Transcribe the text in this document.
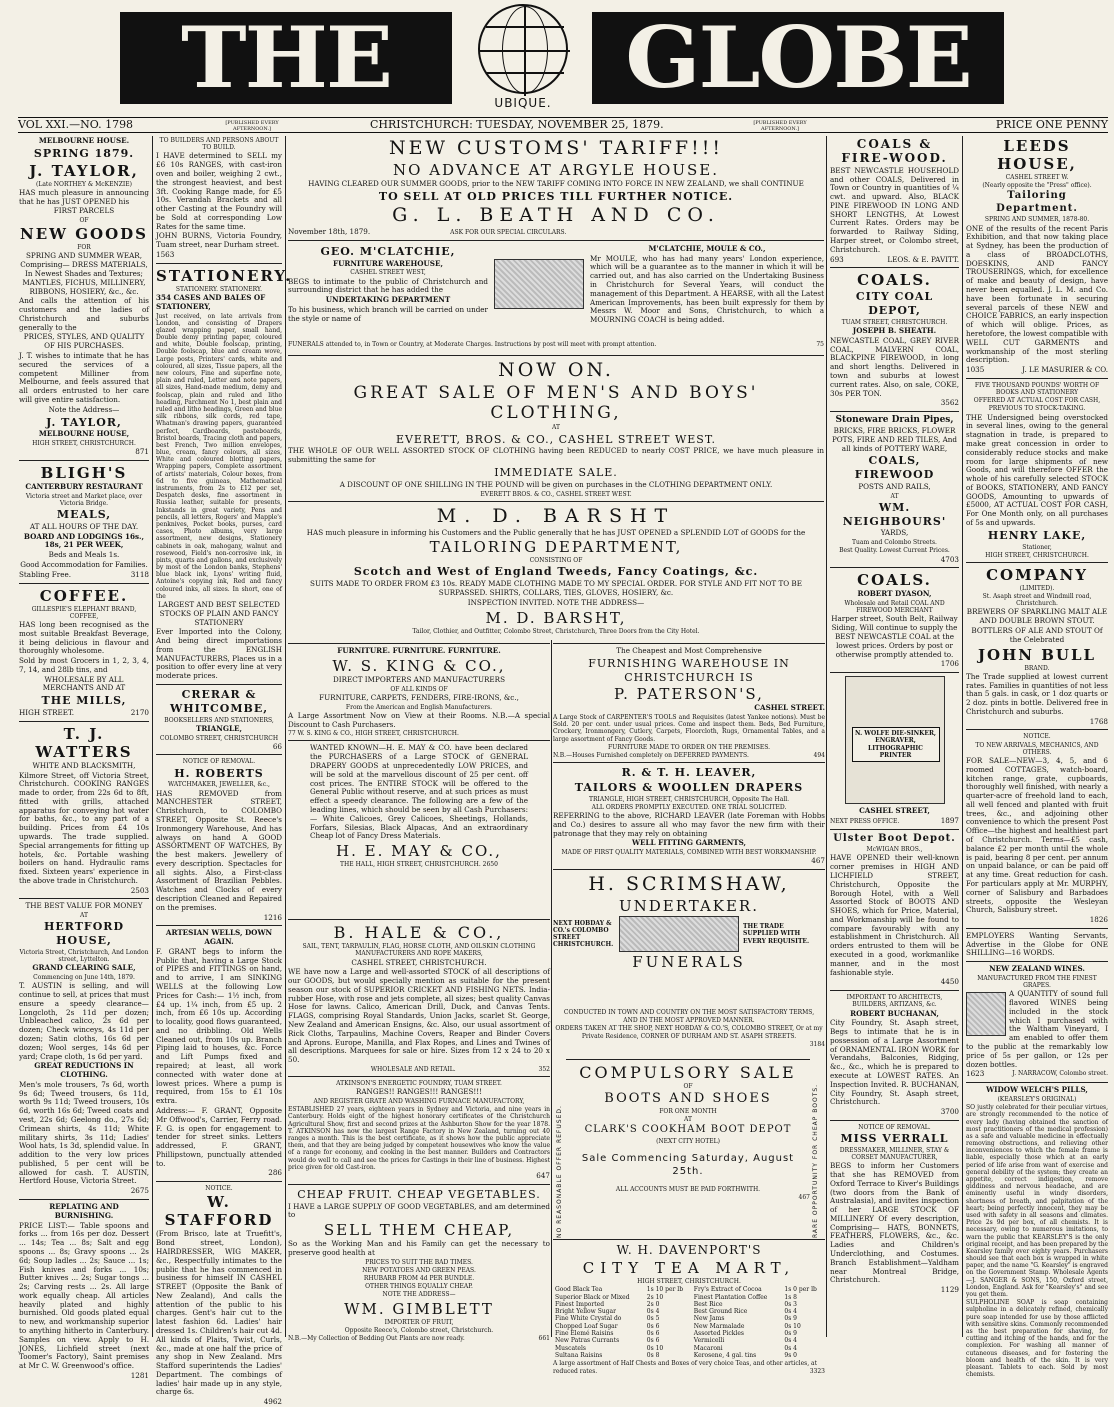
THE	UBIQUE. GLOBE
VOL XXI.—NO. 1798	[PUBLISHED EVERY AFTERNOON.]	CHRISTCHURCH: TUESDAY, NOVEMBER 25, 1879.	[PUBLISHED EVERY AFTERNOON.]	PRICE ONE PENNY

MELBOURNE HOUSE.

SPRING 1879.

J. TAYLOR,

(Late NORTHEY & McKENZIE)

HAS much pleasure in announcing that he has JUST OPENED his

FIRST PARCELS

OF

NEW GOODS

FOR

SPRING AND SUMMER WEAR, Comprising— DRESS MATERIALS, In Newest Shades and Textures; MANTLES, FICHUS, MILLINERY, RIBBONS, HOSIERY, &c., &c.

And calls the attention of his customers and the ladies of Christchurch and suburbs generally to the

PRICES, STYLES, AND QUALITY OF HIS PURCHASES.

J. T. wishes to intimate that he has secured the services of a competent Milliner from Melbourne, and feels assured that all orders entrusted to her care will give entire satisfaction.

Note the Address—

J. TAYLOR,

MELBOURNE HOUSE,

HIGH STREET, CHRISTCHURCH.

871

BLIGH'S

CANTERBURY RESTAURANT

Victoria street and Market place, over Victoria Bridge.

MEALS,

AT ALL HOURS OF THE DAY.

BOARD AND LODGINGS 16s., 18s, 21 PER WEEK,

Beds and Meals 1s.

Good Accommodation for Families.

Stabling Free.	3118

COFFEE.

GILLESPIE'S ELEPHANT BRAND, COFFEE,

HAS long been recognised as the most suitable Breakfast Beverage, it being delicious in flavour and thoroughly wholesome.

Sold by most Grocers in 1, 2, 3, 4, 7, 14, and 28lb tins, and

WHOLESALE BY ALL MERCHANTS AND AT

THE MILLS,

HIGH STREET.	2170

T. J. WATTERS

WHITE AND BLACKSMITH,

Kilmore Street, off Victoria Street, Christchurch. COOKING RANGES made to order, from 22s 6d to 8ft, fitted with grills, attached apparatus for conveying hot water for baths, &c., to any part of a building. Prices from £4 10s upwards. The trade supplied. Special arrangements for fitting up hotels, &c. Portable washing boilers on hand. Hydraulic rams fixed. Sixteen years' experience in the above trade in Christchurch.

2503

THE BEST VALUE FOR MONEY

AT

HERTFORD HOUSE,

Victoria Street, Christchurch, And London street, Lyttelton.

GRAND CLEARING SALE,

Commencing on June 14th, 1879.

T. AUSTIN is selling, and will continue to sell, at prices that must ensure a speedy clearance— Longcloth, 2s 11d per dozen; Unbleached calico, 2s 6d per dozen; Check winceys, 4s 11d per dozen; Satin cloths, 16s 6d per dozen; Wool serges, 14s 6d per yard; Crape cloth, 1s 6d per yard.

GREAT REDUCTIONS IN CLOTHING.

Men's mole trousers, 7s 6d, worth 9s 6d; Tweed trousers, 6s 11d, worth 9s 11d; Tweed trousers, 10s 6d, worth 16s 6d; Tweed coats and vest, 22s 6d; Geelong do., 27s 6d; Crimean shirts, 4s 11d; White military shirts, 3s 11d; Ladies' Wool hats, 1s 3d, splendid value. In addition to the very low prices published, 5 per cent will be allowed for cash. T. AUSTIN, Hertford House, Victoria Street.

2675

REPLATING AND BURNISHING.

PRICE LIST:— Table spoons and forks ... from 16s per doz. Dessert ... 14s; Tea ... 8s; Salt and egg spoons ... 8s; Gravy spoons ... 2s 6d; Soup ladles ... 2s; Sauce ... 1s; Fish knives and forks ... 10s; Butter knives ... 2s; Sugar tongs ... 2s; Carving rests ... 2s. All large work equally cheap. All articles heavily plated and highly burnished. Old goods plated equal to new, and workmanship superior to anything hitherto in Canterbury. Samples on view. Apply to H. JONES, Lichfield street (next Toomer's Factory), Saint premises at Mr C. W. Greenwood's office.

1281

TO BUILDERS AND PERSONS ABOUT TO BUILD.

I HAVE determined to SELL my £6 10s RANGES, with cast-iron oven and boiler, weighing 2 cwt., the strongest heaviest, and best 3ft. Cooking Range made, for £5 10s. Verandah Brackets and all other Casting at the Foundry will be Sold at corresponding Low Rates for the same time.

JOHN BURNS, Victoria Foundry, Tuam street, near Durham street.

1563

STATIONERY.

STATIONERY. STATIONERY.

354 CASES AND BALES OF STATIONERY,

Just received, on late arrivals from London, and consisting of Drapers glazed wrapping paper, small hand, Double demy printing paper, coloured and white, Double foolscap, printing, Double foolscap, blue and cream wove, Large posts, Printers' cards, white and coloured, all sizes, Tissue papers, all the new colours, Fine and superfine note, plain and ruled, Letter and note papers, all sizes, Hand-made medium, demy and foolscap, plain and ruled and litho heading, Parchment No 1, best plain and ruled and litho headings, Green and blue silk ribbons, silk cords, red tape, Whatman's drawing papers, guaranteed perfect, Cardboards, pasteboards, Bristol boards, Tracing cloth and papers, best French, Two million envelopes, blue, cream, fancy colours, all sizes, White and coloured blotting papers, Wrapping papers, Complete assortment of artists' materials, Colour boxes, from 6d to five guineas, Mathematical instruments, from 2s to £12 per set, Despatch desks, fine assortment in Russia leather, suitable for presents, Inkstands in great variety, Pens and pencils, all letters, Rogers' and Mapple's penknives, Pocket books, purses, card cases, Photo albums, very large assortment, new designs, Stationery cabinets in oak, mahogany, walnut and rosewood, Field's non-corrosive ink, in pints, quarts and gallons, and exclusively by most of the London banks, Stephens' blue black ink, Lyons' writing fluid, Antoine's copying ink, Red and fancy coloured inks, all sizes. In short, one of the

LARGEST AND BEST SELECTED STOCKS OF PLAIN AND FANCY STATIONERY

Ever Imported into the Colony, And being direct importations from the ENGLISH MANUFACTURERS, Places us in a position to offer every line at very moderate prices.

CRERAR & WHITCOMBE,

BOOKSELLERS AND STATIONERS,

TRIANGLE,

COLOMBO STREET, CHRISTCHURCH

66

NOTICE OF REMOVAL.

H. ROBERTS

WATCHMAKER, JEWELLER, &c.,

HAS REMOVED from MANCHESTER STREET, Christchurch, to COLOMBO STREET, Opposite St. Reece's Ironmongery Warehouse, And has always on hand A GOOD ASSORTMENT OF WATCHES, By the best makers. Jewellery of every description. Spectacles for all sights. Also, a First-class Assortment of Brazilian Pebbles. Watches and Clocks of every description Cleaned and Repaired on the premises.

1216

ARTESIAN WELLS, DOWN AGAIN.

F. GRANT begs to inform the Public that, having a Large Stock of PIPES and FITTINGS on hand, and to arrive, I am SINKING WELLS at the following Low Prices for Cash:— 1½ inch, from £4 up. 1¼ inch, from £5 up. 2 inch, from £6 10s up. According to locality, good flows guaranteed, and no dribbling. Old Wells Cleaned out, from 10s up. Branch Piping laid to houses, &c. Force and Lift Pumps fixed and repaired; at least, all work connected with water done at lowest prices. Where a pump is required, from 15s to £1 10s extra.

Address:— F. GRANT, Opposite Mr Offwood's, Carrier, Ferry road. F. G. is open for engagement to tender for street sinks. Letters addressed, F. GRANT, Phillipstown, punctually attended to.

286

NOTICE.

W. STAFFORD

(From Brisco, late at Truefitt's, Bond street, London), HAIRDRESSER, WIG MAKER, &c., Respectfully intimates to the public that he has commenced in business for himself IN CASHEL STREET (Opposite the Bank of New Zealand), And calls the attention of the public to his charges. Gent's hair cut to the latest fashion 6d. Ladies' hair dressed 1s. Children's hair cut 4d. All kinds of Plaits, Twist, Curls, &c., made at one half the price of any shop in New Zealand. Mrs Stafford superintends the Ladies' Department. The combings of ladies' hair made up in any style, charge 6s.

4962

NEW CUSTOMS' TARIFF!!!

NO ADVANCE AT ARGYLE HOUSE.

HAVING CLEARED OUR SUMMER GOODS, prior to the NEW TARIFF COMING INTO FORCE IN NEW ZEALAND, we shall CONTINUE

TO SELL AT OLD PRICES TILL FURTHER NOTICE.

G. L. BEATH AND CO.

November 18th, 1879.	ASK FOR OUR SPECIAL CIRCULARS.

GEO. M'CLATCHIE,

FURNITURE WAREHOUSE,

CASHEL STREET WEST,

BEGS to intimate to the public of Christchurch and surrounding district that he has added the

UNDERTAKING DEPARTMENT

To his business, which branch will be carried on under the style or name of

M'CLATCHIE, MOULE & CO.,

Mr MOULE, who has had many years' London experience, which will be a guarantee as to the manner in which it will be carried out, and has also carried on the Undertaking Business in Christchurch for Several Years, will conduct the management of this Department. A HEARSE, with all the Latest American Improvements, has been built expressly for them by Messrs W. Moor and Sons, Christchurch, to which a MOURNING COACH is being added.

FUNERALS attended to, in Town or Country, at Moderate Charges. Instructions by post will meet with prompt attention.	75

NOW ON.

GREAT SALE OF MEN'S AND BOYS' CLOTHING,

AT

EVERETT, BROS. & CO., CASHEL STREET WEST.

THE WHOLE OF OUR WELL ASSORTED STOCK OF CLOTHING having been REDUCED to nearly COST PRICE, we have much pleasure in submitting the same for

IMMEDIATE SALE.

A DISCOUNT OF ONE SHILLING IN THE POUND will be given on purchases in the CLOTHING DEPARTMENT ONLY.

EVERETT BROS. & CO., CASHEL STREET WEST.

M. D. BARSHT

HAS much pleasure in informing his Customers and the Public generally that he has JUST OPENED a SPLENDID LOT of GOODS for the

TAILORING DEPARTMENT,

CONSISTING OF

Scotch and West of England Tweeds, Fancy Coatings, &c.

SUITS MADE TO ORDER FROM £3 10s. READY MADE CLOTHING MADE TO MY SPECIAL ORDER. FOR STYLE AND FIT NOT TO BE SURPASSED. SHIRTS, COLLARS, TIES, GLOVES, HOSIERY, &c.

INSPECTION INVITED. NOTE THE ADDRESS—

M. D. BARSHT,

Tailor, Clothier, and Outfitter, Colombo Street, Christchurch, Three Doors from the City Hotel.

FURNITURE. FURNITURE. FURNITURE.

W. S. KING & CO.,

DIRECT IMPORTERS AND MANUFACTURERS

OF ALL KINDS OF

FURNITURE, CARPETS, FENDERS, FIRE-IRONS, &c.,

From the American and English Manufacturers.

A Large Assortment Now on View at their Rooms. N.B.—A special Discount to Cash Purchasers.

77 W. S. KING & CO., HIGH STREET, CHRISTCHURCH.

WANTED KNOWN—H. E. MAY & CO. have been declared the PURCHASERS of a Large STOCK of GENERAL DRAPERY GOODS at unprecedentedly LOW PRICES, and will be sold at the marvellous discount of 25 per cent. off cost prices. The ENTIRE STOCK will be offered to the General Public without reserve, and at such prices as must effect a speedy clearance. The following are a few of the leading lines, which should be seen by all Cash Purchasers:— White Calicoes, Grey Calicoes, Sheetings, Hollands, Forfars, Silesias, Black Alpacas, And an extraordinary Cheap lot of Fancy Dress Materials.

H. E. MAY & CO.,

THE HALL, HIGH STREET, CHRISTCHURCH. 2650

The Cheapest and Most Comprehensive

FURNISHING WAREHOUSE IN CHRISTCHURCH IS

P. PATERSON'S,

CASHEL STREET.

A Large Stock of CARPENTER'S TOOLS and Requisites (latest Yankee notions). Must be Sold. 20 per cent. under usual prices. Come and inspect them. Beds, Bed Furniture, Crockery, Ironmongery, Cutlery, Carpets, Floorcloth, Rugs, Ornamental Tables, and a large assortment of Fancy Goods.

FURNITURE MADE TO ORDER ON THE PREMISES.

N.B.—Houses Furnished completely on DEFERRED PAYMENTS.	494

R. & T. H. LEAVER,

TAILORS & WOOLLEN DRAPERS

TRIANGLE, HIGH STREET, CHRISTCHURCH, Opposite The Hall.

ALL ORDERS PROMPTLY EXECUTED. ONE TRIAL SOLICITED.

REFERRING to the above, RICHARD LEAVER (late Foreman with Hobbs and Co.) desires to assure all who may favor the new firm with their patronage that they may rely on obtaining

WELL FITTING GARMENTS,

MADE OF FIRST QUALITY MATERIALS, COMBINED WITH BEST WORKMANSHIP.

467

H. SCRIMSHAW,

UNDERTAKER.

NEXT HOBDAY & CO.'s COLOMBO STREET CHRISTCHURCH.

THE TRADE SUPPLIED WITH EVERY REQUISITE.

FUNERALS

B. HALE & CO.,

SAIL, TENT, TARPAULIN, FLAG, HORSE CLOTH, AND OILSKIN CLOTHING MANUFACTURERS AND ROPE MAKERS,

CASHEL STREET, CHRISTCHURCH.

WE have now a Large and well-assorted STOCK of all descriptions of our GOODS, but would specially mention as suitable for the present season our stock of SUPERIOR CRICKET AND FISHING NETS. India-rubber Hose, with rose and jets complete, all sizes; best quality Canvas Hose for lawns. Calico, American Drill, Duck, and Canvas Tents. FLAGS, comprising Royal Standards, Union Jacks, scarlet St. George, New Zealand and American Ensigns, &c. Also, our usual assortment of Rick Cloths, Tarpaulins, Machine Covers, Reaper and Binder Covers and Aprons. Europe, Manilla, and Flax Ropes, and Lines and Twines of all descriptions. Marquees for sale or hire. Sizes from 12 x 24 to 20 x 50.

WHOLESALE AND RETAIL.	352

ATKINSON'S ENERGETIC FOUNDRY, TUAM STREET.

RANGES!! RANGES!!! RANGES!!!

AND REGISTER GRATE AND WASHING FURNACE MANUFACTORY,

ESTABLISHED 27 years, eighteen years in Sydney and Victoria, and nine years in Canterbury. Holds eight of the highest honorary certificates of the Christchurch Agricultural Show, first and second prizes at the Ashburton Show for the year 1878. T. ATKINSON has now the largest Range Factory in New Zealand, turning out 40 ranges a month. This is the best certificate, as it shows how the public appreciate them, and that they are being judged by competent housewives who know the value of a range for economy, and cooking in the best manner. Builders and Contractors would do well to call and see the prices for Castings in their line of business. Highest price given for old Cast-iron.

647

CHEAP FRUIT. CHEAP VEGETABLES.

I HAVE a LARGE SUPPLY OF GOOD VEGETABLES, and am determined to

SELL THEM CHEAP,

So as the Working Man and his Family can get the necessary to preserve good health at

PRICES TO SUIT THE BAD TIMES.

NEW POTATOES AND GREEN PEAS.

RHUBARB FROM 4d PER BUNDLE.

OTHER THINGS EQUALLY CHEAP.

NOTE THE ADDRESS—

WM. GIMBLETT

IMPORTER OF FRUIT,

Opposite Reece's, Colombo street, Christchurch.

N.B.—My Collection of Bedding Out Plants are now ready.	661

CONDUCTED IN TOWN AND COUNTRY ON THE MOST SATISFACTORY TERMS,

AND IN THE MOST APPROVED MANNER.

ORDERS TAKEN AT THE SHOP, NEXT HOBDAY & CO.'S, COLOMBO STREET, Or at my Private Residence, CORNER OF DURHAM AND ST. ASAPH STREETS.

3184

NO REASONABLE OFFER REFUSED.	RARE OPPORTUNITY FOR CHEAP BOOTS.

COMPULSORY SALE

OF

BOOTS AND SHOES

FOR ONE MONTH

AT

CLARK'S COOKHAM BOOT DEPOT

(NEXT CITY HOTEL)

Sale Commencing Saturday, August 25th.

ALL ACCOUNTS MUST BE PAID FORTHWITH.

467

W. H. DAVENPORT'S

CITY TEA MART,

HIGH STREET, CHRISTCHURCH.

Good Black Tea	1s 10 per lb	Fry's Extract of Cocoa	1s 0 per lb
Superior Black or Mixed	2s 10	Finest Plantation Coffee	1s 8
Finest Imported	2s 0	Best Rice	0s 3
Bright Yellow Sugar	0s 4	Best Ground Rice	0s 4
Fine White Crystal do	0s 5	New Jams	0s 9
Chopped Loaf Sugar	0s 6	New Marmalade	0s 10
Fine Elemé Raisins	0s 6	Assorted Pickles	0s 9
New Patras Currants	0s 6	Vermicelli	0s 4
Muscatels	0s 10	Macaroni	0s 4
Sultana Raisins	0s 8	Kerosene, 4 gal. tins	9s 0

A large assortment of Half Chests and Boxes of very choice Teas, and other articles, at reduced rates.	3323

COALS & FIRE-WOOD.

BEST NEWCASTLE HOUSEHOLD and other COALS, Delivered in Town or Country in quantities of ¼ cwt. and upward. Also, BLACK PINE FIREWOOD IN LONG AND SHORT LENGTHS, At Lowest Current Rates. Orders may be forwarded to Railway Siding, Harper street, or Colombo street, Christchurch.

693	LEOS. & E. PAVITT.

COALS.

CITY COAL DEPOT,

TUAM STREET, CHRISTCHURCH.

JOSEPH B. SHEATH.

NEWCASTLE COAL, GREY RIVER COAL, MALVERN COAL, BLACKPINE FIREWOOD, in long and short lengths. Delivered in town and suburbs at lowest current rates. Also, on sale, COKE, 30s PER TON.

3562

Stoneware Drain Pipes,

BRICKS, FIRE BRICKS, FLOWER POTS, FIRE AND RED TILES, And all kinds of POTTERY WARE,

COALS, FIREWOOD

POSTS AND RAILS,

AT

WM. NEIGHBOURS'

YARDS,

Tuam and Colombo Streets.

Best Quality. Lowest Current Prices.

4703

COALS.

ROBERT DYASON,

Wholesale and Retail COAL AND FIREWOOD MERCHANT

Harper street, South Belt, Railway Siding, Will continue to supply the BEST NEWCASTLE COAL at the lowest prices. Orders by post or otherwise promptly attended to.

1706

N. WOLFE DIE-SINKER, ENGRAVER, LITHOGRAPHIC PRINTER

CASHEL STREET,

NEXT PRESS OFFICE.	1897

Ulster Boot Depot.

McWIGAN BROS.,

HAVE OPENED their well-known corner premises in HIGH AND LICHFIELD STREET, Christchurch, Opposite the Borough Hotel, with a Well Assorted Stock of BOOTS AND SHOES, which for Price, Material, and Workmanship will be found to compare favourably with any establishment in Christchurch. All orders entrusted to them will be executed in a good, workmanlike manner, and in the most fashionable style.

4450

IMPORTANT TO ARCHITECTS, BUILDERS, ARTIZANS, &c.

ROBERT BUCHANAN,

City Foundry, St. Asaph street, Begs to intimate that he is in possession of a Large Assortment of ORNAMENTAL IRON WORK for Verandahs, Balconies, Ridging, &c., &c., which he is prepared to execute at LOWEST RATES. An Inspection Invited. R. BUCHANAN, City Foundry, St. Asaph street, Christchurch.

3700

NOTICE OF REMOVAL.

MISS VERRALL

DRESSMAKER, MILLINER, STAY & CORSET MANUFACTURER,

BEGS to inform her Customers that she has REMOVED from Oxford Terrace to Kiver's Buildings (two doors from the Bank of Australasia), and invites inspection of her LARGE STOCK OF MILLINERY Of every description, Comprising— HATS, BONNETS, FEATHERS, FLOWERS, &c., &c. Ladies and Children's Underclothing, and Costumes. Branch Establishment—Yaldham near Montreal Bridge, Christchurch.

1129

LEEDS HOUSE,

CASHEL STREET W.

(Nearly opposite the "Press" office).

Tailoring Department.

SPRING AND SUMMER, 1878-80.

ONE of the results of the recent Paris Exhibition, and that now taking place at Sydney, has been the production of a class of BROADCLOTHS, DOESKINS, AND FANCY TROUSERINGS, which, for excellence of make and beauty of design, have never been equalled. J. L. M. and Co. have been fortunate in securing several parcels of these NEW and CHOICE FABRICS, an early inspection of which will oblige. Prices, as heretofore, the lowest compatible with WELL CUT GARMENTS and workmanship of the most sterling description.

1035	J. LE MASURIER & CO.

FIVE THOUSAND POUNDS' WORTH OF BOOKS AND STATIONERY

OFFERED AT ACTUAL COST FOR CASH,

PREVIOUS TO STOCK-TAKING.

THE Undersigned being overstocked in several lines, owing to the general stagnation in trade, is prepared to make great concession in order to considerably reduce stocks and make room for large shipments of new Goods, and will therefore OFFER the whole of his carefully selected STOCK of BOOKS, STATIONERY, AND FANCY GOODS, Amounting to upwards of £5000, AT ACTUAL COST FOR CASH, For One Month only, on all purchases of 5s and upwards.

HENRY LAKE,

Stationer,

HIGH STREET, CHRISTCHURCH.

COMPANY

(LIMITED).

St. Asaph street and Windmill road, Christchurch.

BREWERS OF SPARKLING MALT ALE AND DOUBLE BROWN STOUT.

BOTTLERS OF ALE AND STOUT Of the Celebrated

JOHN BULL

BRAND.

The Trade supplied at lowest current rates. Families in quantities of not less than 5 gals. in cask, or 1 doz quarts or 2 doz. pints in bottle. Delivered free in Christchurch and suburbs.

1768

NOTICE.

TO NEW ARRIVALS, MECHANICS, AND OTHERS.

FOR SALE—NEW—3, 4, 5, and 6 roomed COTTAGES, watch-board, kitchen range, grate, cupboards, thoroughly well finished, with nearly a quarter-acre of freehold land to each, all well fenced and planted with fruit trees, &c., and adjoining other convenience to which the present Post Office—the highest and healthiest part of Christchurch. Terms—£5 cash, balance £2 per month until the whole is paid, bearing 8 per cent. per annum on unpaid balance, or can be paid off at any time. Great reduction for cash. For particulars apply at Mr. MURPHY, corner of Salisbury and Barbadoes streets, opposite the Wesleyan Church, Salisbury street.

1826

EMPLOYERS Wanting Servants, Advertise in the Globe for ONE SHILLING—16 WORDS.

NEW ZEALAND WINES.

MANUFACTURED FROM THE FINEST GRAPES.

A QUANTITY of sound full flavored WINES being included in the stock which I purchased with the Waltham Vineyard, I am enabled to offer them to the public at the remarkably low price of 5s per gallon, or 12s per dozen bottles.

1623	J. NARRACOW, Colombo street.

WIDOW WELCH'S PILLS,

(KEARSLEY'S ORIGINAL)

SO justly celebrated for their peculiar virtues, are strongly recommended to the notice of every lady (having obtained the sanction of most practitioners of the medical profession) as a safe and valuable medicine in effectually removing obstructions, and relieving other inconveniences to which the female frame is liable, especially those which at an early period of life arise from want of exercise and general debility of the system; they create an appetite, correct indigestion, remove giddiness and nervous headache, and are eminently useful in windy disorders, shortness of breath, and palpitation of the heart; being perfectly innocent, they may be used with safety in all seasons and climates. Price 2s 9d per box, of all chemists. It is necessary, owing to numerous imitations, to warn the public that KEARSLEY'S is the only original receipt, and has been prepared by the Kearsley family over eighty years. Purchasers should see that each box is wrapped in white paper, and the name "G. Kearsley" is engraved on the Government Stamp. Wholesale Agents—J. SANGER & SONS, 150, Oxford street, London, England. Ask for "Kearsley's" and see you get them.

SULPHOLINE SOAP is soap containing sulpholine in a delicately refined, chemically pure soap intended for use by those afflicted with sensitive skins. Commonly recommended as the best preparation for shaving, for cutting and itching of the hands, and for the complexion. For washing all manner of cutaneous diseases, and for fostering the bloom and health of the skin. It is very pleasant. Tablets to each. Sold by most chemists.
